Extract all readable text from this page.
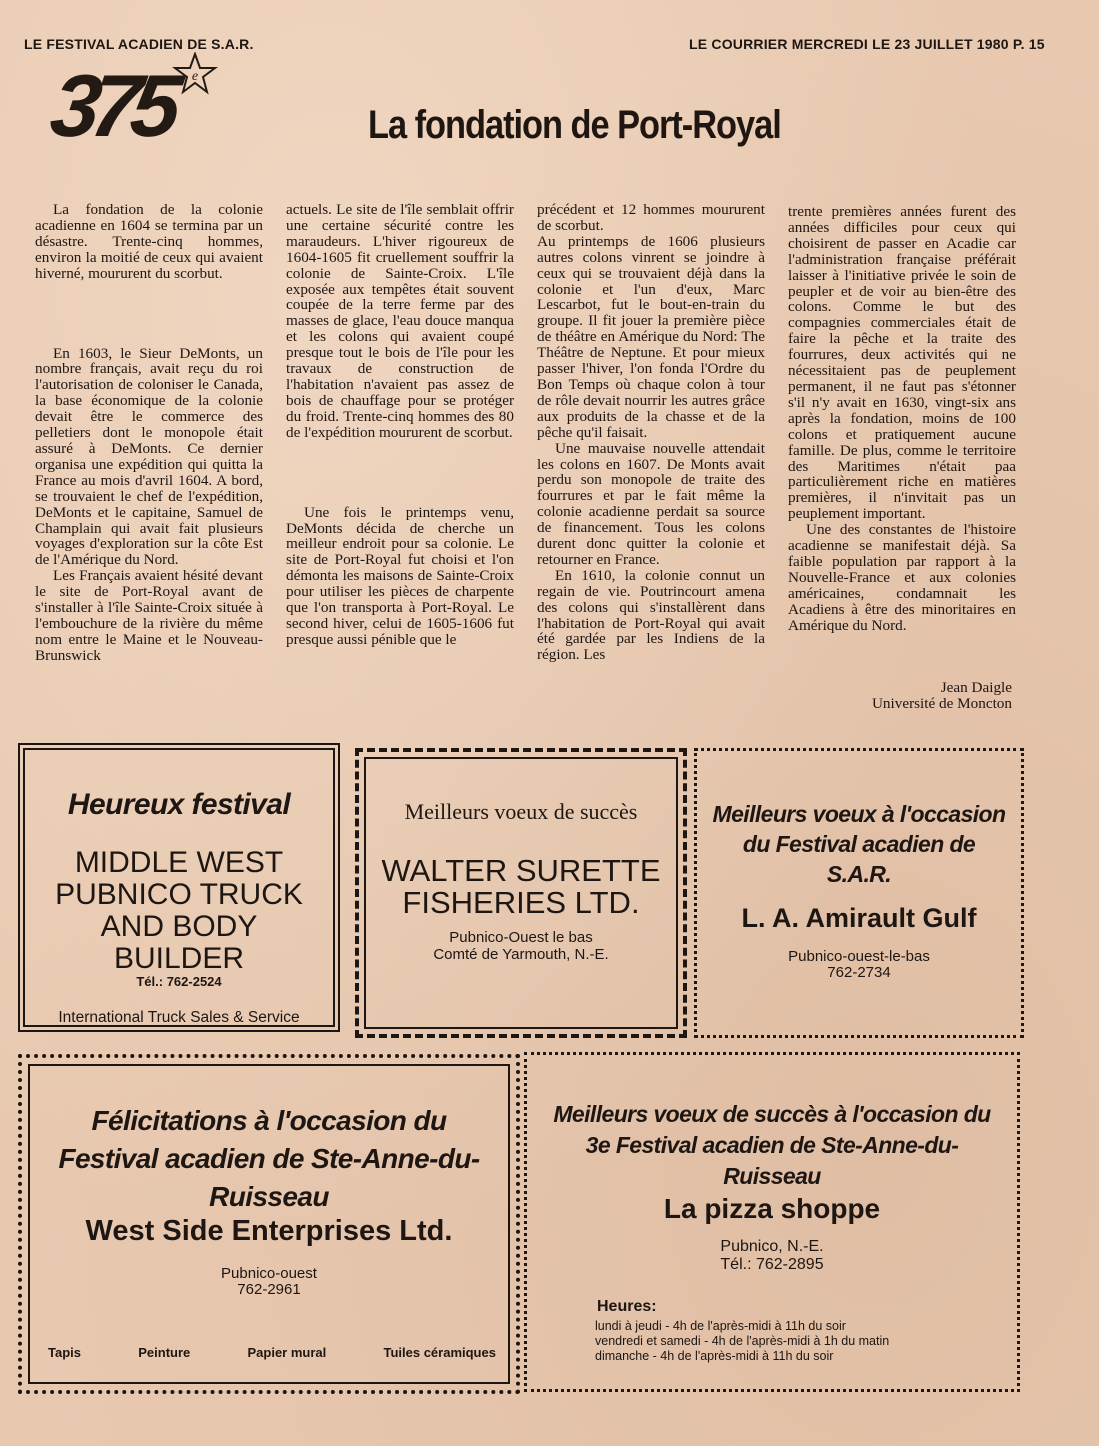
LE FESTIVAL ACADIEN DE S.A.R.	LE COURRIER MERCREDI LE 23 JUILLET 1980 P. 15
375 e
La fondation de Port-Royal

La fondation de la colonie acadienne en 1604 se termina par un désastre. Trente-cinq hommes, environ la moitié de ceux qui avaient hiverné, moururent du scorbut.

En 1603, le Sieur DeMonts, un nombre français, avait reçu du roi l'autorisation de coloniser le Canada, la base économique de la colonie devait être le commerce des pelletiers dont le monopole était assuré à DeMonts. Ce dernier organisa une expédition qui quitta la France au mois d'avril 1604. A bord, se trouvaient le chef de l'expédition, DeMonts et le capitaine, Samuel de Champlain qui avait fait plusieurs voyages d'exploration sur la côte Est de l'Amérique du Nord.

Les Français avaient hésité devant le site de Port-Royal avant de s'installer à l'île Sainte-Croix située à l'embouchure de la rivière du même nom entre le Maine et le Nouveau-Brunswick

actuels. Le site de l'île semblait offrir une certaine sécurité contre les maraudeurs. L'hiver rigoureux de 1604-1605 fit cruellement souffrir la colonie de Sainte-Croix. L'île exposée aux tempêtes était souvent coupée de la terre ferme par des masses de glace, l'eau douce manqua et les colons qui avaient coupé presque tout le bois de l'île pour les travaux de construction de l'habitation n'avaient pas assez de bois de chauffage pour se protéger du froid. Trente-cinq hommes des 80 de l'expédition moururent de scorbut.

Une fois le printemps venu, DeMonts décida de cherche un meilleur endroit pour sa colonie. Le site de Port-Royal fut choisi et l'on démonta les maisons de Sainte-Croix pour utiliser les pièces de charpente que l'on transporta à Port-Royal. Le second hiver, celui de 1605-1606 fut presque aussi pénible que le

précédent et 12 hommes moururent de scorbut.

Au printemps de 1606 plusieurs autres colons vinrent se joindre à ceux qui se trouvaient déjà dans la colonie et l'un d'eux, Marc Lescarbot, fut le bout-en-train du groupe. Il fit jouer la première pièce de théâtre en Amérique du Nord: The Théâtre de Neptune. Et pour mieux passer l'hiver, l'on fonda l'Ordre du Bon Temps où chaque colon à tour de rôle devait nourrir les autres grâce aux produits de la chasse et de la pêche qu'il faisait.

Une mauvaise nouvelle attendait les colons en 1607. De Monts avait perdu son monopole de traite des fourrures et par le fait même la colonie acadienne perdait sa source de financement. Tous les colons durent donc quitter la colonie et retourner en France.

En 1610, la colonie connut un regain de vie. Poutrincourt amena des colons qui s'installèrent dans l'habitation de Port-Royal qui avait été gardée par les Indiens de la région. Les

trente premières années furent des années difficiles pour ceux qui choisirent de passer en Acadie car l'administration française préférait laisser à l'initiative privée le soin de peupler et de voir au bien-être des colons. Comme le but des compagnies commerciales était de faire la pêche et la traite des fourrures, deux activités qui ne nécessitaient pas de peuplement permanent, il ne faut pas s'étonner s'il n'y avait en 1630, vingt-six ans après la fondation, moins de 100 colons et pratiquement aucune famille. De plus, comme le territoire des Maritimes n'était paa particulièrement riche en matières premières, il n'invitait pas un peuplement important.

Une des constantes de l'histoire acadienne se manifestait déjà. Sa faible population par rapport à la Nouvelle-France et aux colonies américaines, condamnait les Acadiens à être des minoritaires en Amérique du Nord.

Jean Daigle
Université de Moncton
Heureux festival
MIDDLE WEST PUBNICO TRUCK AND BODY BUILDER
Tél.: 762-2524
International Truck Sales & Service
Meilleurs voeux de succès
WALTER SURETTE FISHERIES LTD.
Pubnico-Ouest le bas
Comté de Yarmouth, N.-E.
Meilleurs voeux à l'occasion du Festival acadien de S.A.R.
L. A. Amirault Gulf
Pubnico-ouest-le-bas
762-2734
Félicitations à l'occasion du Festival acadien de Ste-Anne-du-Ruisseau
West Side Enterprises Ltd.
Pubnico-ouest
762-2961
Tapis	Peinture	Papier mural	Tuiles céramiques
Meilleurs voeux de succès à l'occasion du 3e Festival acadien de Ste-Anne-du-Ruisseau
La pizza shoppe
Pubnico, N.-E.
Tél.: 762-2895
Heures:
lundi à jeudi - 4h de l'après-midi à 11h du soir
vendredi et samedi - 4h de l'après-midi à 1h du matin
dimanche - 4h de l'après-midi à 11h du soir
